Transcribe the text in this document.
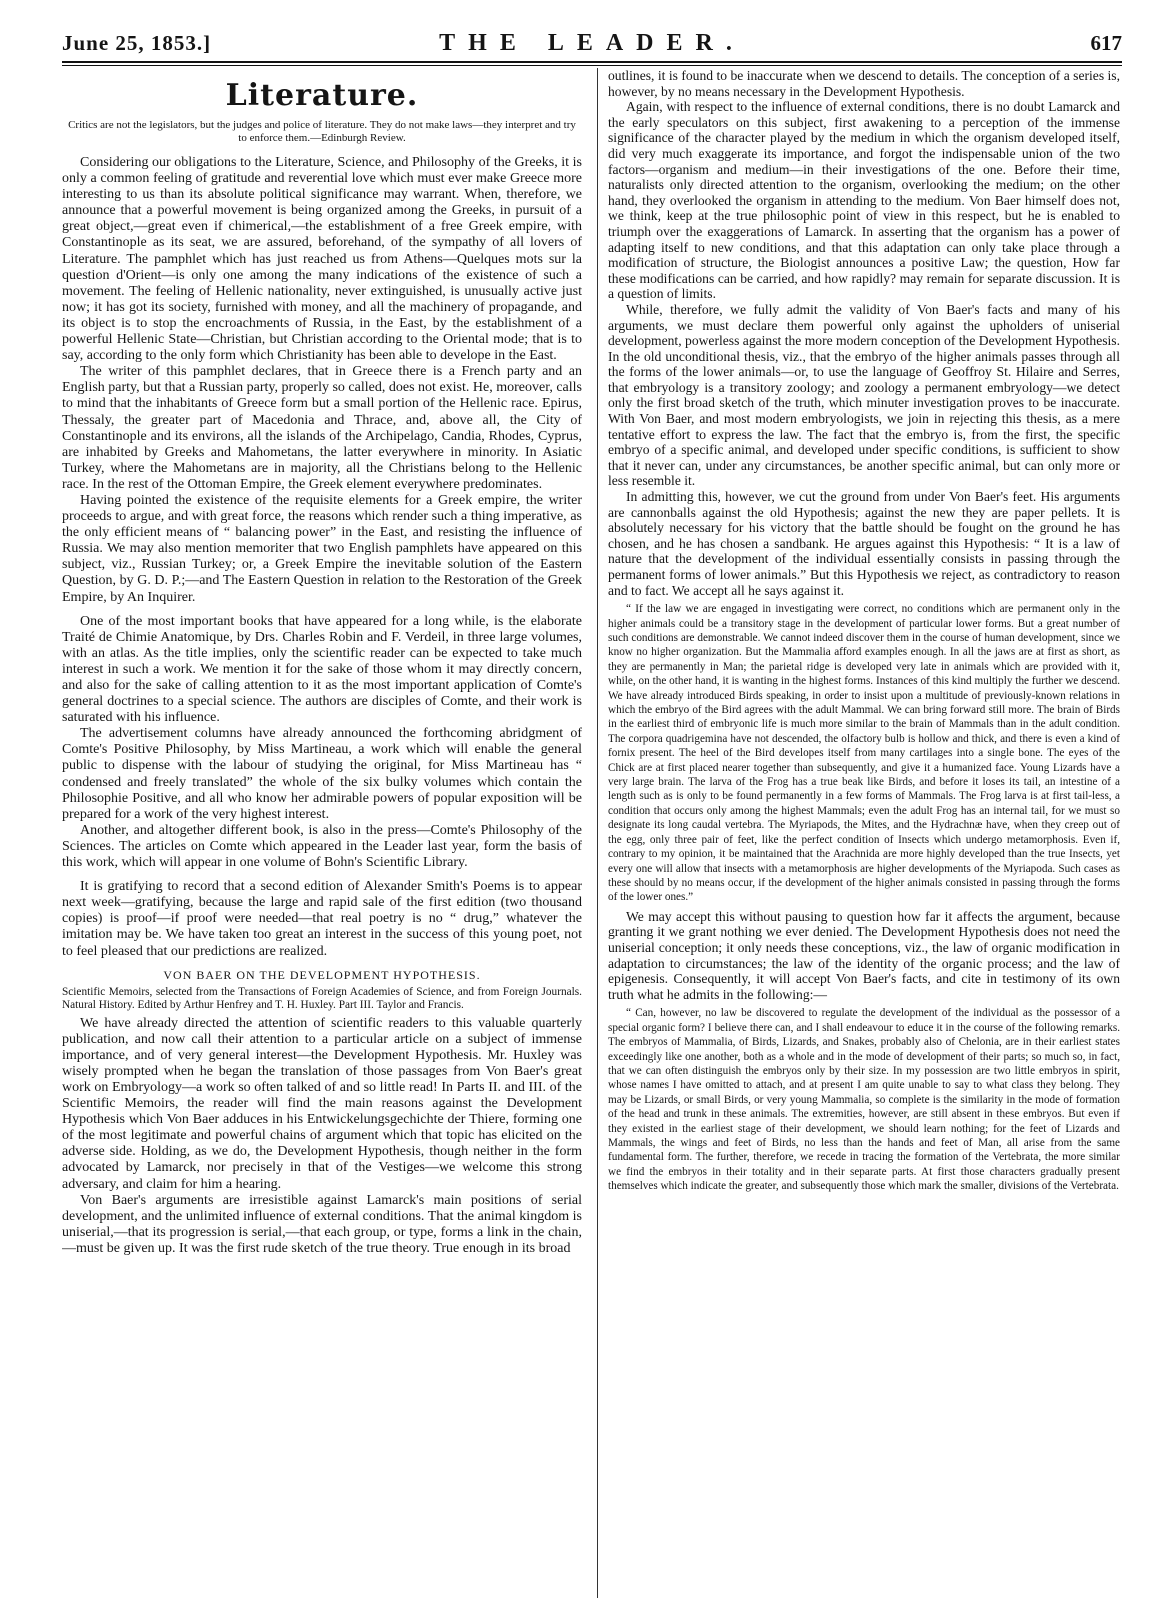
June 25, 1853.]	THE LEADER.	617
Literature.
Critics are not the legislators, but the judges and police of literature. They do not make laws—they interpret and try to enforce them.—Edinburgh Review.

Considering our obligations to the Literature, Science, and Philosophy of the Greeks, it is only a common feeling of gratitude and reverential love which must ever make Greece more interesting to us than its absolute political significance may warrant. When, therefore, we announce that a powerful movement is being organized among the Greeks, in pursuit of a great object,—great even if chimerical,—the establishment of a free Greek empire, with Constantinople as its seat, we are assured, beforehand, of the sympathy of all lovers of Literature. The pamphlet which has just reached us from Athens—Quelques mots sur la question d'Orient—is only one among the many indications of the existence of such a movement. The feeling of Hellenic nationality, never extinguished, is unusually active just now; it has got its society, furnished with money, and all the machinery of propagande, and its object is to stop the encroachments of Russia, in the East, by the establishment of a powerful Hellenic State—Christian, but Christian according to the Oriental mode; that is to say, according to the only form which Christianity has been able to develope in the East.

The writer of this pamphlet declares, that in Greece there is a French party and an English party, but that a Russian party, properly so called, does not exist. He, moreover, calls to mind that the inhabitants of Greece form but a small portion of the Hellenic race. Epirus, Thessaly, the greater part of Macedonia and Thrace, and, above all, the City of Constantinople and its environs, all the islands of the Archipelago, Candia, Rhodes, Cyprus, are inhabited by Greeks and Mahometans, the latter everywhere in minority. In Asiatic Turkey, where the Mahometans are in majority, all the Christians belong to the Hellenic race. In the rest of the Ottoman Empire, the Greek element everywhere predominates.

Having pointed the existence of the requisite elements for a Greek empire, the writer proceeds to argue, and with great force, the reasons which render such a thing imperative, as the only efficient means of “ balancing power” in the East, and resisting the influence of Russia. We may also mention memoriter that two English pamphlets have appeared on this subject, viz., Russian Turkey; or, a Greek Empire the inevitable solution of the Eastern Question, by G. D. P.;—and The Eastern Question in relation to the Restoration of the Greek Empire, by An Inquirer.

One of the most important books that have appeared for a long while, is the elaborate Traité de Chimie Anatomique, by Drs. Charles Robin and F. Verdeil, in three large volumes, with an atlas. As the title implies, only the scientific reader can be expected to take much interest in such a work. We mention it for the sake of those whom it may directly concern, and also for the sake of calling attention to it as the most important application of Comte's general doctrines to a special science. The authors are disciples of Comte, and their work is saturated with his influence.

The advertisement columns have already announced the forthcoming abridgment of Comte's Positive Philosophy, by Miss Martineau, a work which will enable the general public to dispense with the labour of studying the original, for Miss Martineau has “ condensed and freely translated” the whole of the six bulky volumes which contain the Philosophie Positive, and all who know her admirable powers of popular exposition will be prepared for a work of the very highest interest.

Another, and altogether different book, is also in the press—Comte's Philosophy of the Sciences. The articles on Comte which appeared in the Leader last year, form the basis of this work, which will appear in one volume of Bohn's Scientific Library.

It is gratifying to record that a second edition of Alexander Smith's Poems is to appear next week—gratifying, because the large and rapid sale of the first edition (two thousand copies) is proof—if proof were needed—that real poetry is no “ drug,” whatever the imitation may be. We have taken too great an interest in the success of this young poet, not to feel pleased that our predictions are realized.

VON BAER ON THE DEVELOPMENT HYPOTHESIS.
Scientific Memoirs, selected from the Transactions of Foreign Academies of Science, and from Foreign Journals. Natural History. Edited by Arthur Henfrey and T. H. Huxley. Part III. Taylor and Francis.

We have already directed the attention of scientific readers to this valuable quarterly publication, and now call their attention to a particular article on a subject of immense importance, and of very general interest—the Development Hypothesis. Mr. Huxley was wisely prompted when he began the translation of those passages from Von Baer's great work on Embryology—a work so often talked of and so little read! In Parts II. and III. of the Scientific Memoirs, the reader will find the main reasons against the Development Hypothesis which Von Baer adduces in his Entwickelungsgechichte der Thiere, forming one of the most legitimate and powerful chains of argument which that topic has elicited on the adverse side. Holding, as we do, the Development Hypothesis, though neither in the form advocated by Lamarck, nor precisely in that of the Vestiges—we welcome this strong adversary, and claim for him a hearing.

Von Baer's arguments are irresistible against Lamarck's main positions of serial development, and the unlimited influence of external conditions. That the animal kingdom is uniserial,—that its progression is serial,—that each group, or type, forms a link in the chain,—must be given up. It was the first rude sketch of the true theory. True enough in its broad

outlines, it is found to be inaccurate when we descend to details. The conception of a series is, however, by no means necessary in the Development Hypothesis.

Again, with respect to the influence of external conditions, there is no doubt Lamarck and the early speculators on this subject, first awakening to a perception of the immense significance of the character played by the medium in which the organism developed itself, did very much exaggerate its importance, and forgot the indispensable union of the two factors—organism and medium—in their investigations of the one. Before their time, naturalists only directed attention to the organism, overlooking the medium; on the other hand, they overlooked the organism in attending to the medium. Von Baer himself does not, we think, keep at the true philosophic point of view in this respect, but he is enabled to triumph over the exaggerations of Lamarck. In asserting that the organism has a power of adapting itself to new conditions, and that this adaptation can only take place through a modification of structure, the Biologist announces a positive Law; the question, How far these modifications can be carried, and how rapidly? may remain for separate discussion. It is a question of limits.

While, therefore, we fully admit the validity of Von Baer's facts and many of his arguments, we must declare them powerful only against the upholders of uniserial development, powerless against the more modern conception of the Development Hypothesis. In the old unconditional thesis, viz., that the embryo of the higher animals passes through all the forms of the lower animals—or, to use the language of Geoffroy St. Hilaire and Serres, that embryology is a transitory zoology; and zoology a permanent embryology—we detect only the first broad sketch of the truth, which minuter investigation proves to be inaccurate. With Von Baer, and most modern embryologists, we join in rejecting this thesis, as a mere tentative effort to express the law. The fact that the embryo is, from the first, the specific embryo of a specific animal, and developed under specific conditions, is sufficient to show that it never can, under any circumstances, be another specific animal, but can only more or less resemble it.

In admitting this, however, we cut the ground from under Von Baer's feet. His arguments are cannonballs against the old Hypothesis; against the new they are paper pellets. It is absolutely necessary for his victory that the battle should be fought on the ground he has chosen, and he has chosen a sandbank. He argues against this Hypothesis: “ It is a law of nature that the development of the individual essentially consists in passing through the permanent forms of lower animals.” But this Hypothesis we reject, as contradictory to reason and to fact. We accept all he says against it.

“ If the law we are engaged in investigating were correct, no conditions which are permanent only in the higher animals could be a transitory stage in the development of particular lower forms. But a great number of such conditions are demonstrable. We cannot indeed discover them in the course of human development, since we know no higher organization. But the Mammalia afford examples enough. In all the jaws are at first as short, as they are permanently in Man; the parietal ridge is developed very late in animals which are provided with it, while, on the other hand, it is wanting in the highest forms. Instances of this kind multiply the further we descend. We have already introduced Birds speaking, in order to insist upon a multitude of previously-known relations in which the embryo of the Bird agrees with the adult Mammal. We can bring forward still more. The brain of Birds in the earliest third of embryonic life is much more similar to the brain of Mammals than in the adult condition. The corpora quadrigemina have not descended, the olfactory bulb is hollow and thick, and there is even a kind of fornix present. The heel of the Bird developes itself from many cartilages into a single bone. The eyes of the Chick are at first placed nearer together than subsequently, and give it a humanized face. Young Lizards have a very large brain. The larva of the Frog has a true beak like Birds, and before it loses its tail, an intestine of a length such as is only to be found permanently in a few forms of Mammals. The Frog larva is at first tail-less, a condition that occurs only among the highest Mammals; even the adult Frog has an internal tail, for we must so designate its long caudal vertebra. The Myriapods, the Mites, and the Hydrachnæ have, when they creep out of the egg, only three pair of feet, like the perfect condition of Insects which undergo metamorphosis. Even if, contrary to my opinion, it be maintained that the Arachnida are more highly developed than the true Insects, yet every one will allow that insects with a metamorphosis are higher developments of the Myriapoda. Such cases as these should by no means occur, if the development of the higher animals consisted in passing through the forms of the lower ones.”

We may accept this without pausing to question how far it affects the argument, because granting it we grant nothing we ever denied. The Development Hypothesis does not need the uniserial conception; it only needs these conceptions, viz., the law of organic modification in adaptation to circumstances; the law of the identity of the organic process; and the law of epigenesis. Consequently, it will accept Von Baer's facts, and cite in testimony of its own truth what he admits in the following:—

“ Can, however, no law be discovered to regulate the development of the individual as the possessor of a special organic form? I believe there can, and I shall endeavour to educe it in the course of the following remarks. The embryos of Mammalia, of Birds, Lizards, and Snakes, probably also of Chelonia, are in their earliest states exceedingly like one another, both as a whole and in the mode of development of their parts; so much so, in fact, that we can often distinguish the embryos only by their size. In my possession are two little embryos in spirit, whose names I have omitted to attach, and at present I am quite unable to say to what class they belong. They may be Lizards, or small Birds, or very young Mammalia, so complete is the similarity in the mode of formation of the head and trunk in these animals. The extremities, however, are still absent in these embryos. But even if they existed in the earliest stage of their development, we should learn nothing; for the feet of Lizards and Mammals, the wings and feet of Birds, no less than the hands and feet of Man, all arise from the same fundamental form. The further, therefore, we recede in tracing the formation of the Vertebrata, the more similar we find the embryos in their totality and in their separate parts. At first those characters gradually present themselves which indicate the greater, and subsequently those which mark the smaller, divisions of the Vertebrata.
